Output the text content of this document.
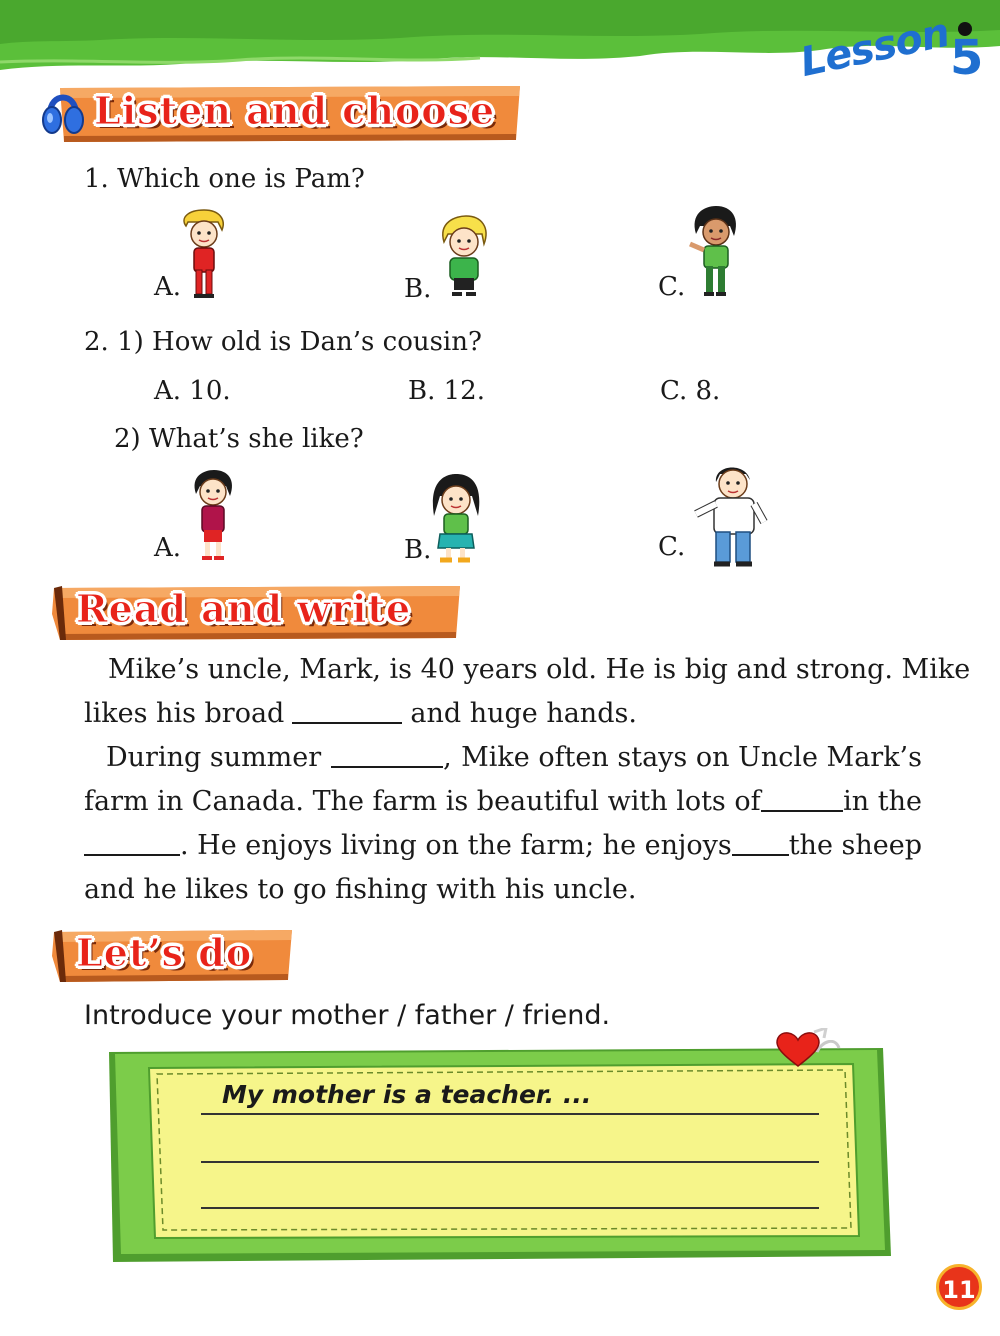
Lesson
5
Listen and choose
1. Which one is Pam?
A.	B.	C.
2. 1) How old is Dan’s cousin?
A. 10.	B. 12.	C. 8.
2) What’s she like?
A.	B.	C.
Read and write
Mike’s uncle, Mark, is 40 years old. He is big and strong. Mike
likes his broad	and huge hands.
During summer	, Mike often stays on Uncle Mark’s
farm in Canada. The farm is beautiful with lots of	in the
. He enjoys living on the farm; he enjoys the sheep
and he likes to go fishing with his uncle.
Let’s do
Introduce your mother / father / friend.
My mother is a teacher. ...
11
